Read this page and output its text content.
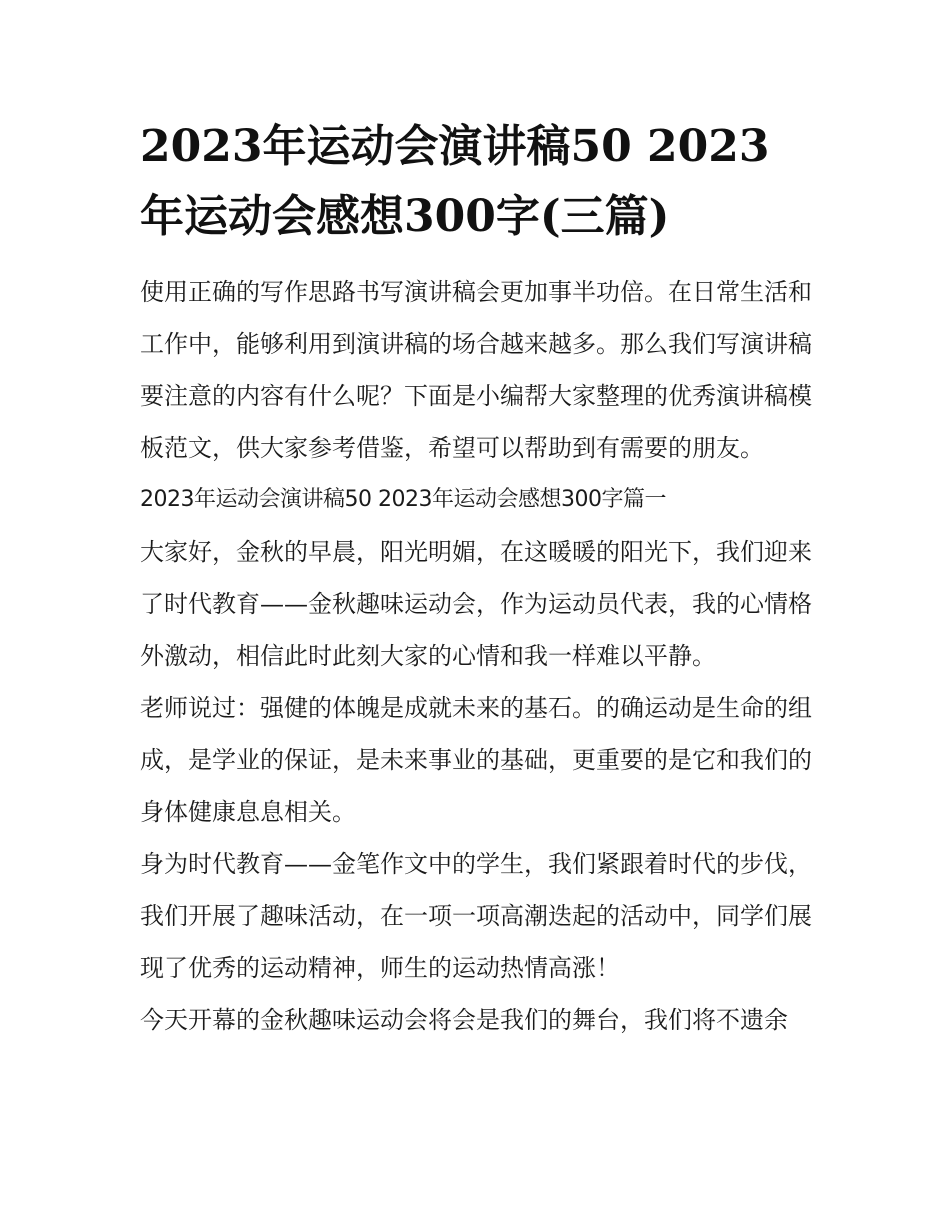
2023年运动会演讲稿50 2023年运动会感想300字(三篇)

使用正确的写作思路书写演讲稿会更加事半功倍。在日常生活和工作中，能够利用到演讲稿的场合越来越多。那么我们写演讲稿要注意的内容有什么呢？下面是小编帮大家整理的优秀演讲稿模板范文，供大家参考借鉴，希望可以帮助到有需要的朋友。

2023年运动会演讲稿50 2023年运动会感想300字篇一

大家好，金秋的早晨，阳光明媚，在这暖暖的阳光下，我们迎来了时代教育——金秋趣味运动会，作为运动员代表，我的心情格外激动，相信此时此刻大家的心情和我一样难以平静。

老师说过：强健的体魄是成就未来的基石。的确运动是生命的组成，是学业的保证，是未来事业的基础，更重要的是它和我们的身体健康息息相关。

身为时代教育——金笔作文中的学生，我们紧跟着时代的步伐，我们开展了趣味活动，在一项一项高潮迭起的活动中，同学们展现了优秀的运动精神，师生的运动热情高涨！

今天开幕的金秋趣味运动会将会是我们的舞台，我们将不遗余
